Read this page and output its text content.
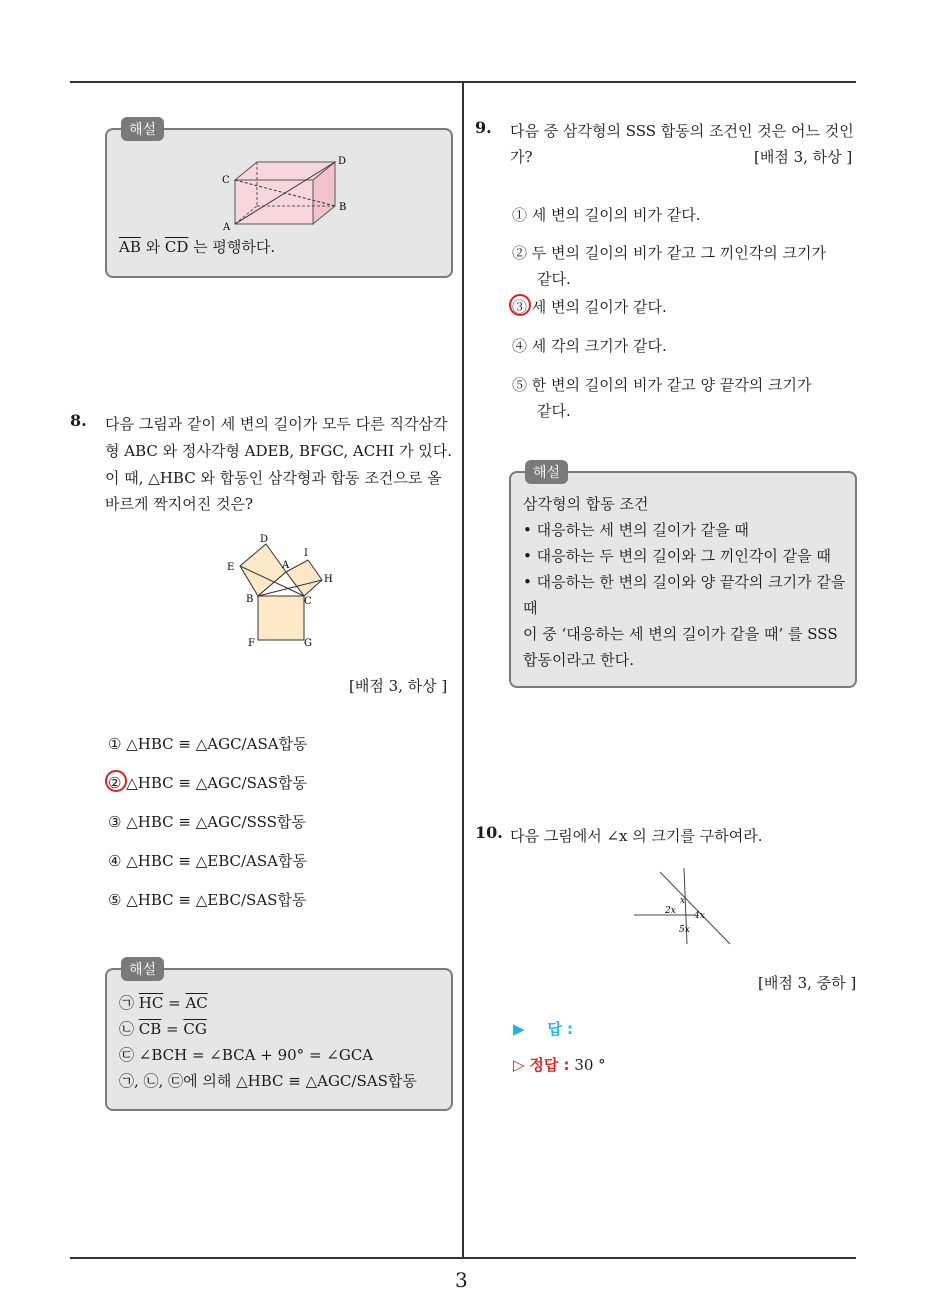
3
해설
C
A
D
B
$\overline{AB}$ 와 $\overline{CD}$ 는 평행하다.
8. 다음 그림과 같이 세 변의 길이가 모두 다른 직각삼각
형 ABC 와 정사각형 ADEB, BFGC, ACHI 가 있다.
이 때, △HBC 와 합동인 삼각형과 합동 조건으로 올
바르게 짝지어진 것은?
D
E	A
I
H
B	C
F	G
[배점 3, 하상 ]
① △HBC ≡ △AGC/ASA합동
② △HBC ≡ △AGC/SAS합동
③ △HBC ≡ △AGC/SSS합동
④ △HBC ≡ △EBC/ASA합동
⑤ △HBC ≡ △EBC/SAS합동
해설
㉠ $\overline{HC} = \overline{AC}$
㉡ $\overline{CB} = \overline{CG}$
㉢ ∠BCH = ∠BCA + 90° = ∠GCA
㉠, ㉡, ㉢에 의해 △HBC ≡ △AGC/SAS합동
9. 다음 중 삼각형의 SSS 합동의 조건인 것은 어느 것인
가?	[배점 3, 하상 ]
① 세 변의 길이의 비가 같다.
② 두 변의 길이의 비가 같고 그 끼인각의 크기가
같다.
③ 세 변의 길이가 같다.
④ 세 각의 크기가 같다.
⑤ 한 변의 길이의 비가 같고 양 끝각의 크기가
같다.
해설
삼각형의 합동 조건
• 대응하는 세 변의 길이가 같을 때
• 대응하는 두 변의 길이와 그 끼인각이 같을 때
• 대응하는 한 변의 길이와 양 끝각의 크기가 같을
때
이 중 ‘대응하는 세 변의 길이가 같을 때’ 를 SSS
합동이라고 한다.
10. 다음 그림에서 ∠x 의 크기를 구하여라.
x
2x 4x
5x
[배점 3, 중하 ]
▶ 답 :
▷ 정답 : 30 °
